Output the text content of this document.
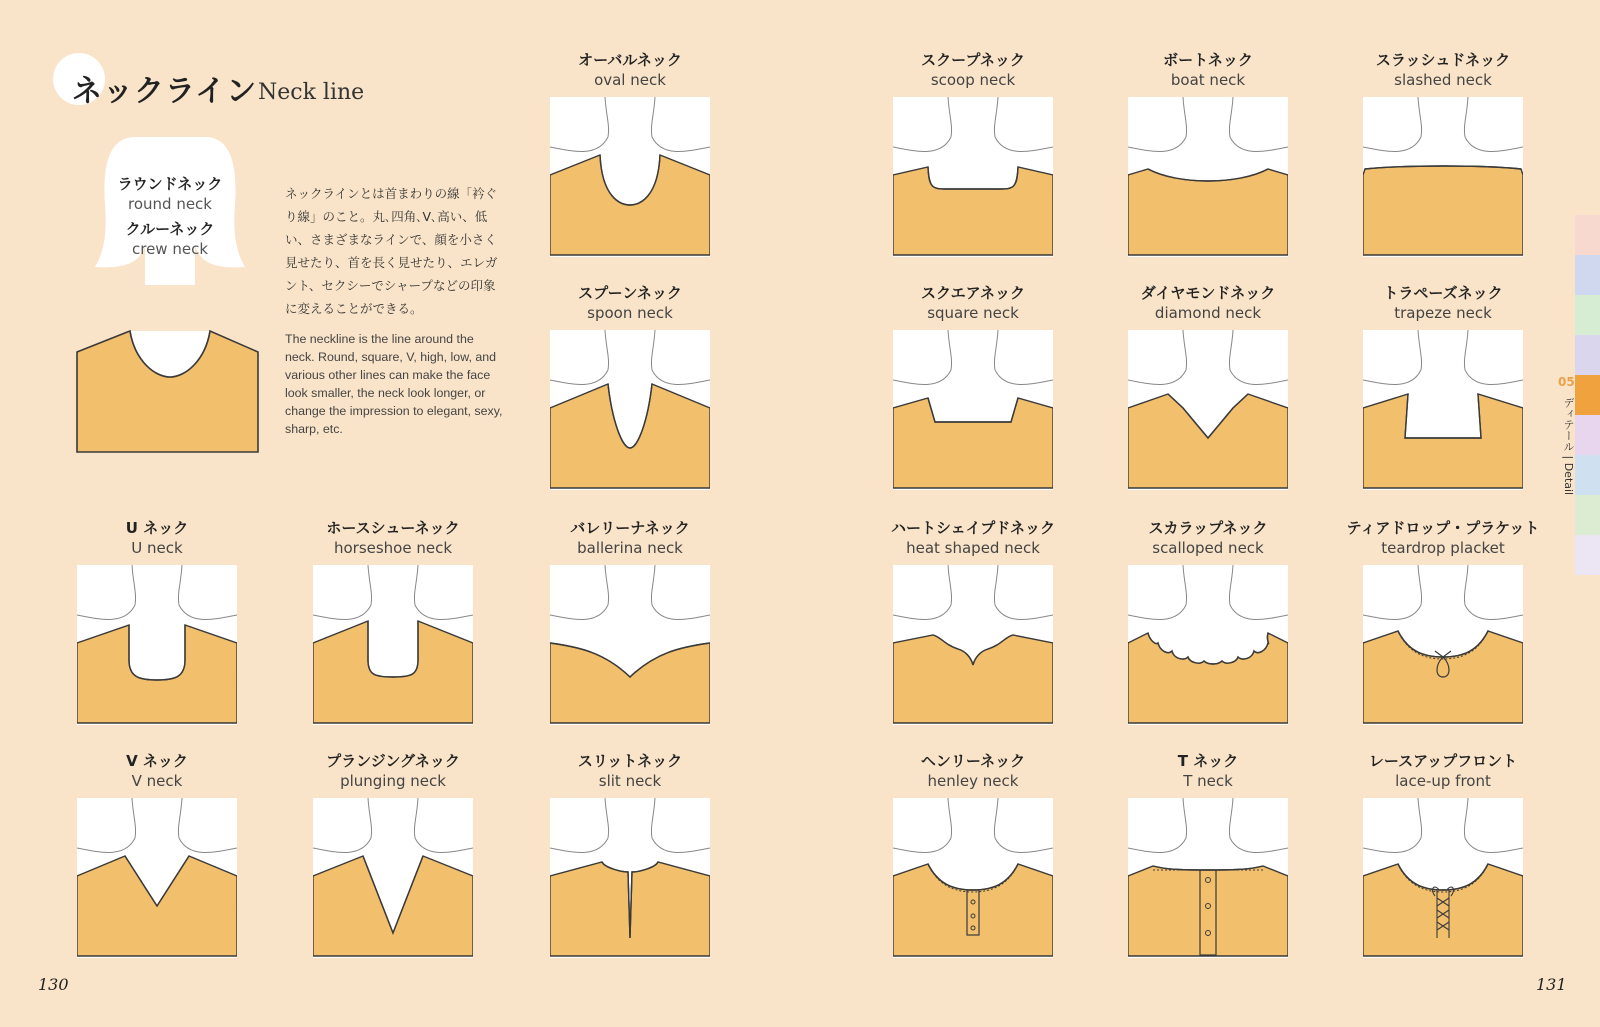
ネックライン Neck line
ラウンドネック
round neck
クルーネック
crew neck
ネックラインとは首まわりの線「衿ぐり線」のこと。丸､四角､V､高い、低い、さまざまなラインで、顔を小さく見せたり、首を長く見せたり、エレガント、セクシーでシャープなどの印象に変えることができる。
The neckline is the line around the neck. Round, square, V, high, low, and various other lines can make the face look smaller, the neck look longer, or change the impression to elegant, sexy, sharp, etc.
オーバルネック
oval neck
スプーンネック
spoon neck
U ネック
U neck
ホースシューネック
horseshoe neck
バレリーナネック
ballerina neck
V ネック
V neck
プランジングネック
plunging neck
スリットネック
slit neck
スクープネック
scoop neck
ボートネック
boat neck
スラッシュドネック
slashed neck
スクエアネック
square neck
ダイヤモンドネック
diamond neck
トラペーズネック
trapeze neck
ハートシェイプドネック
heat shaped neck
スカラップネック
scalloped neck
ティアドロップ・プラケット
teardrop placket
ヘンリーネック
henley neck
T ネック
T neck
レースアップフロント
lace-up front
130	131
05
ディテール | Detail
